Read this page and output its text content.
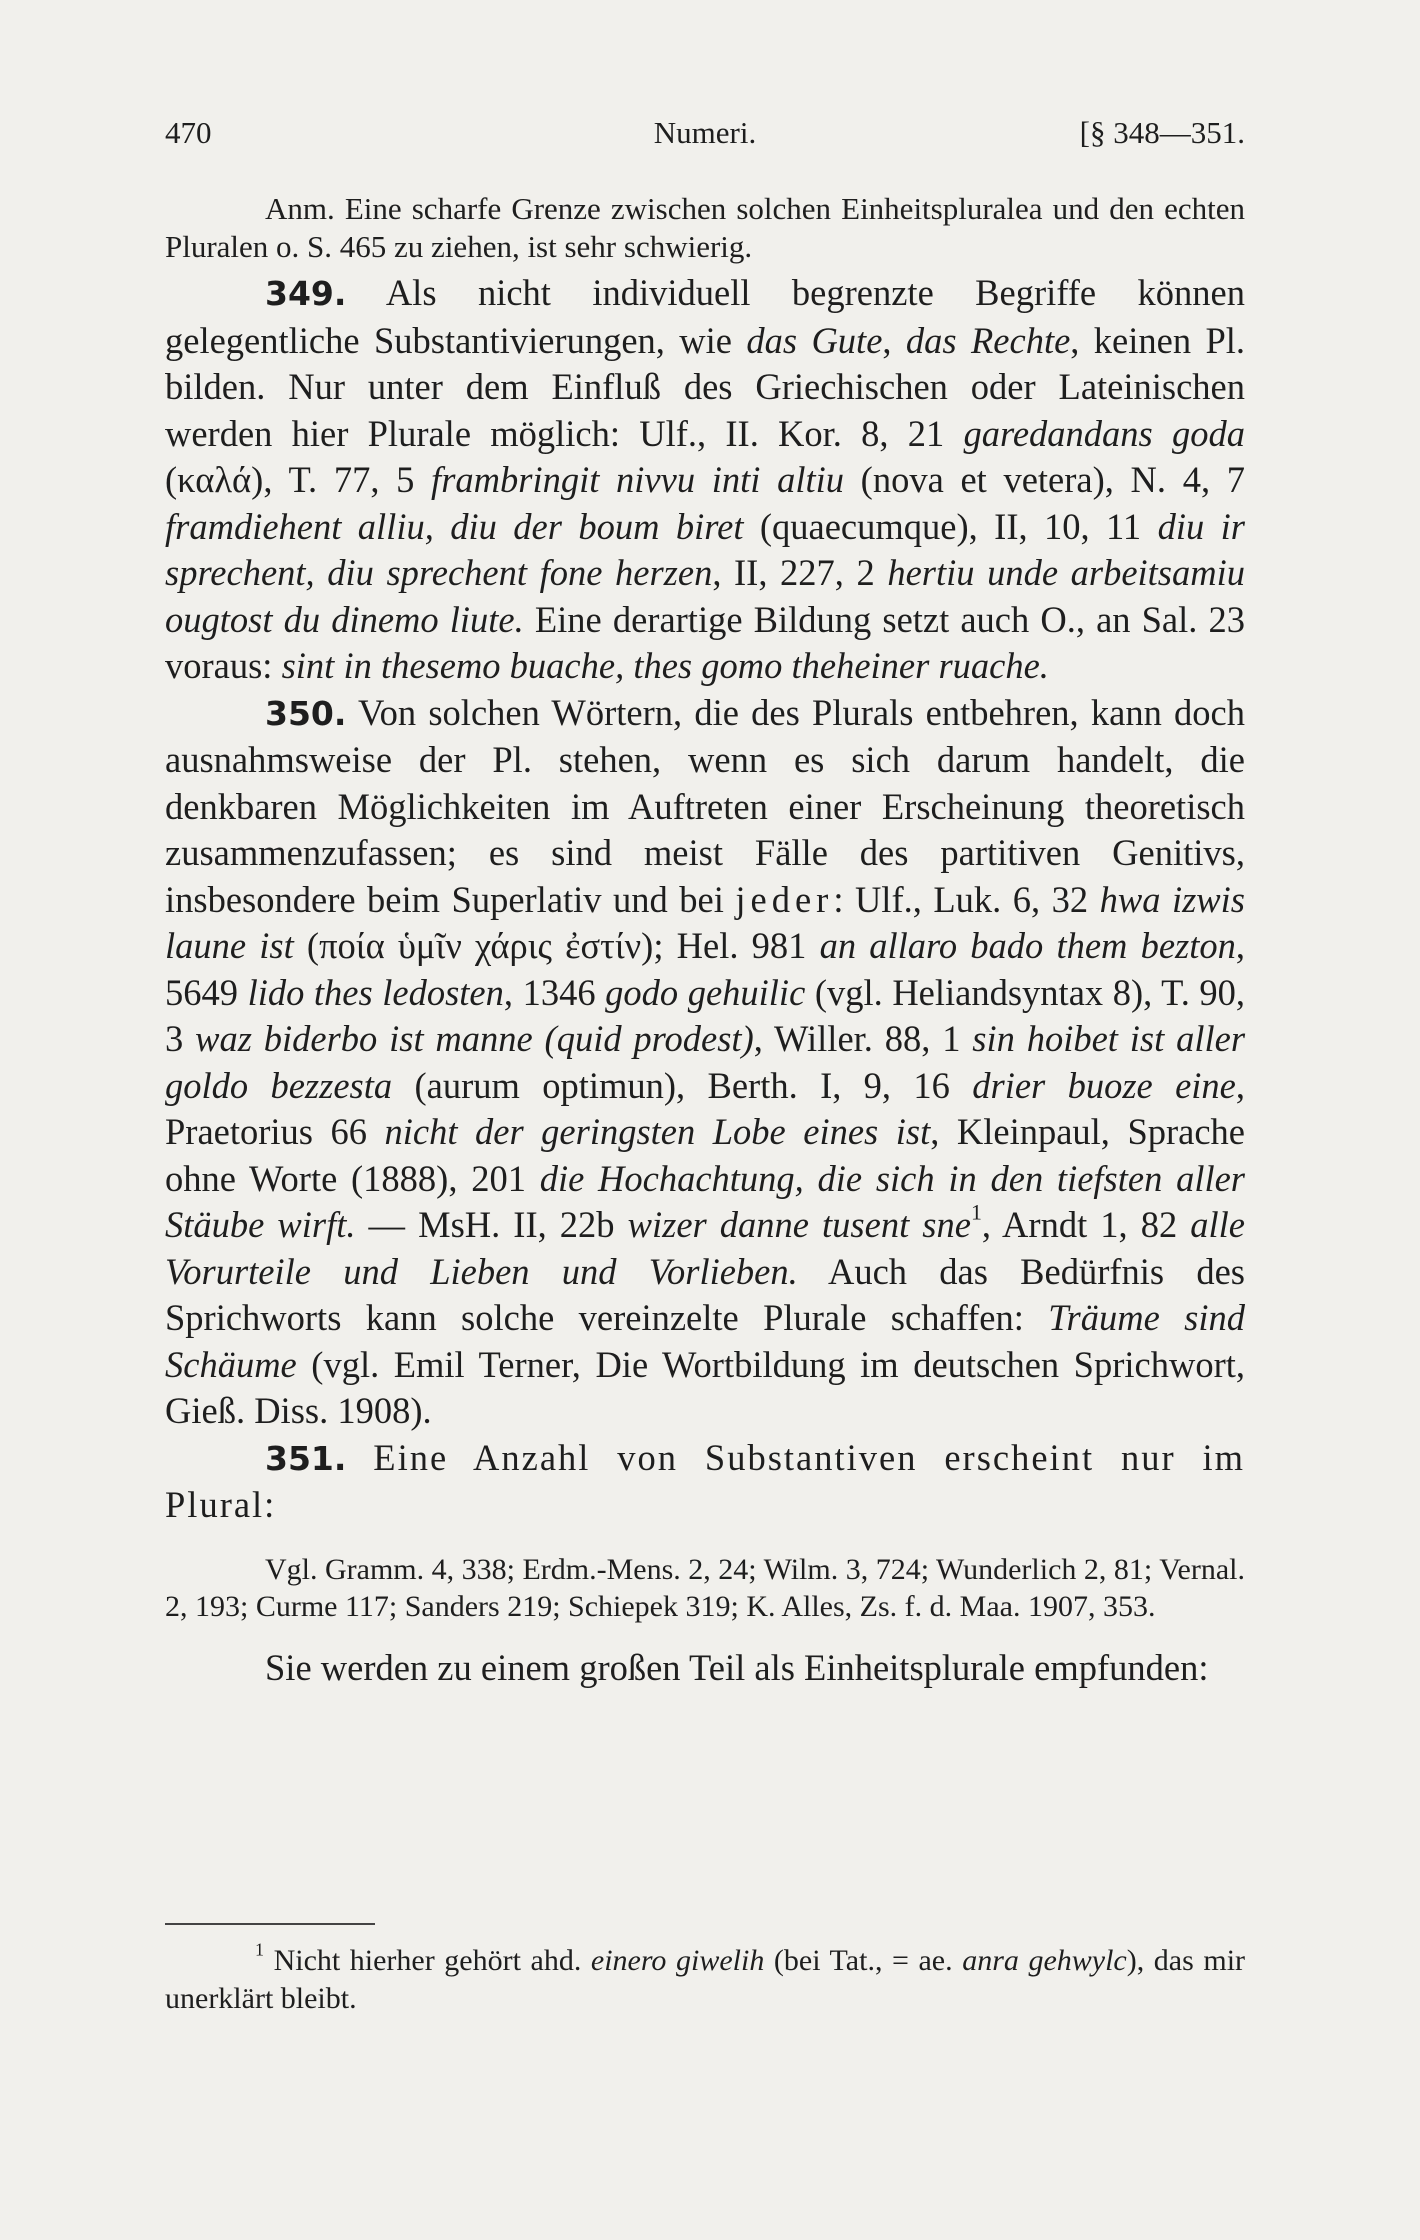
470	Numeri.	[§ 348—351.

Anm. Eine scharfe Grenze zwischen solchen Einheitspluraleа und den echten Pluralen o. S. 465 zu ziehen, ist sehr schwierig.

349. Als nicht individuell begrenzte Begriffe können gelegentliche Substantivierungen, wie das Gute, das Rechte, keinen Pl. bilden. Nur unter dem Einfluß des Griechischen oder Lateinischen werden hier Plurale möglich: Ulf., II. Kor. 8, 21 garedandans goda (καλά), T. 77, 5 frambringit nivvu inti altiu (nova et vetera), N. 4, 7 framdiehent alliu, diu der boum biret (quaecumque), II, 10, 11 diu ir sprechent, diu sprechent fone herzen, II, 227, 2 hertiu unde arbeitsamiu ougtost du dinemo liute. Eine derartige Bildung setzt auch O., an Sal. 23 voraus: sint in thesemo buache, thes gomo theheiner ruache.

350. Von solchen Wörtern, die des Plurals entbehren, kann doch ausnahmsweise der Pl. stehen, wenn es sich darum handelt, die denkbaren Möglichkeiten im Auftreten einer Erscheinung theoretisch zusammenzufassen; es sind meist Fälle des partitiven Genitivs, insbesondere beim Superlativ und bei jeder: Ulf., Luk. 6, 32 hwa izwis laune ist (ποία ὑμῖν χάρις ἐστίν); Hel. 981 an allaro bado them bezton, 5649 lido thes ledosten, 1346 godo gehuilic (vgl. Heliandsyntax 8), T. 90, 3 waz biderbo ist manne (quid prodest), Willer. 88, 1 sin hoibet ist aller goldo bezzesta (aurum optimun), Berth. I, 9, 16 drier buoze eine, Praetorius 66 nicht der geringsten Lobe eines ist, Kleinpaul, Sprache ohne Worte (1888), 201 die Hochachtung, die sich in den tiefsten aller Stäube wirft. — MsH. II, 22b wizer danne tusent sne$^1$, Arndt 1, 82 alle Vorurteile und Lieben und Vorlieben. Auch das Bedürfnis des Sprichworts kann solche vereinzelte Plurale schaffen: Träume sind Schäume (vgl. Emil Terner, Die Wortbildung im deutschen Sprichwort, Gieß. Diss. 1908).

351. Eine Anzahl von Substantiven erscheint nur im Plural:

Vgl. Gramm. 4, 338; Erdm.-Mens. 2, 24; Wilm. 3, 724; Wunderlich 2, 81; Vernal. 2, 193; Curme 117; Sanders 219; Schiepek 319; K. Alles, Zs. f. d. Maa. 1907, 353.

Sie werden zu einem großen Teil als Einheitsplurale empfunden:

$^1$ Nicht hierher gehört ahd. einero giwelih (bei Tat., = ae. anra gehwylc), das mir unerklärt bleibt.
